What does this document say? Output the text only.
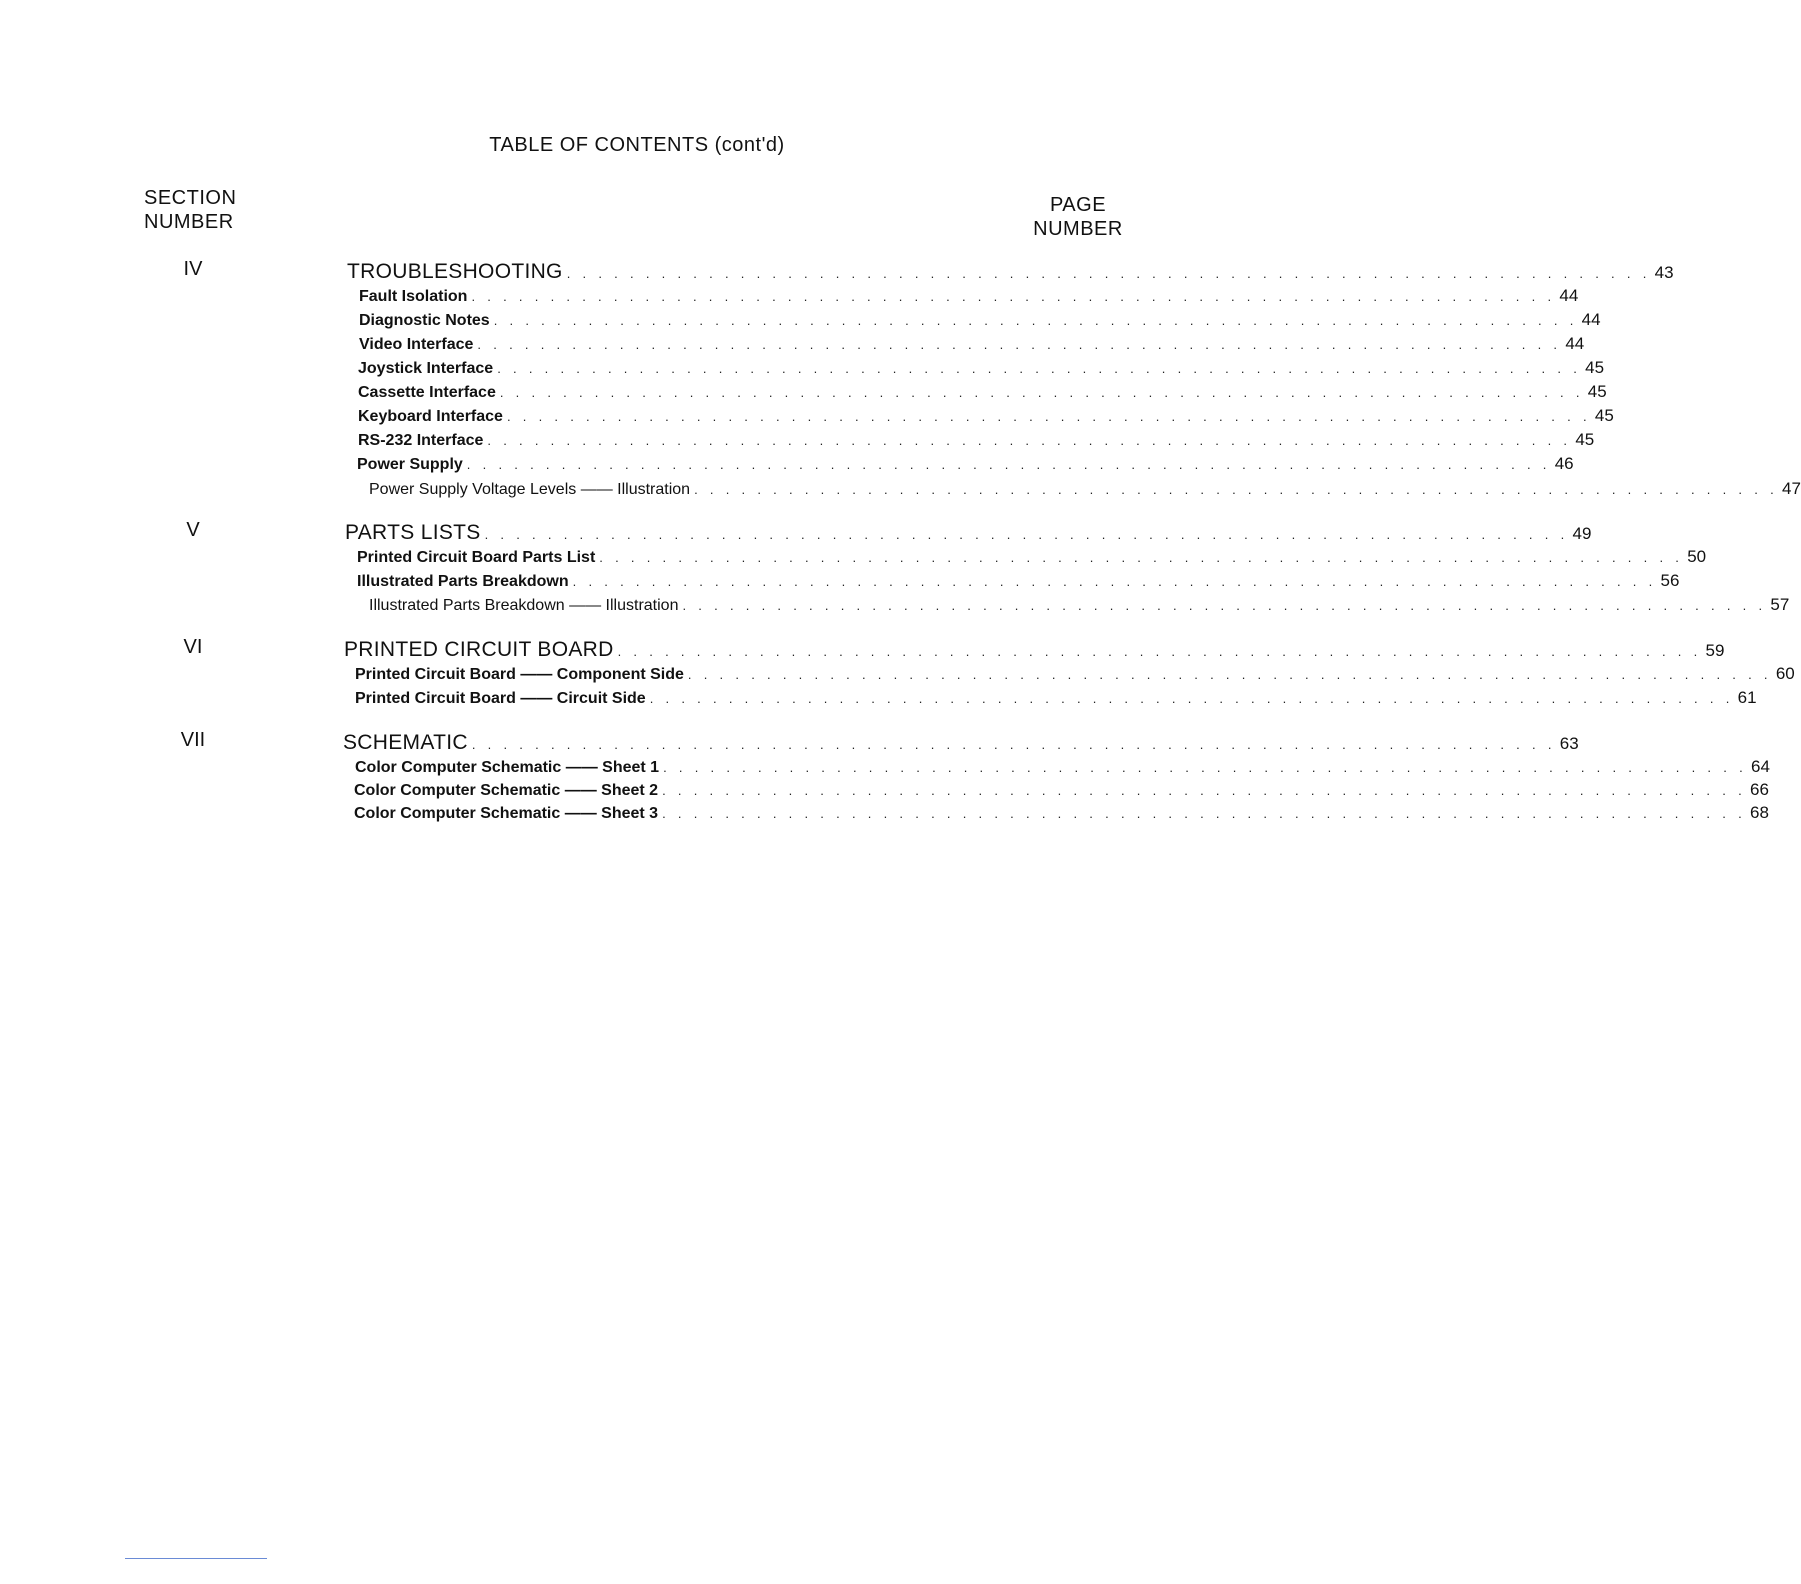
TABLE OF CONTENTS (cont'd)
SECTION
NUMBER
PAGE
NUMBER
IV	TROUBLESHOOTING . . . . . . . . . . . . . . . . . . . . . . . . . . . . . . . . . . . . . . . . . . . . . . . . . . . . . . . . . . . . . . . . . . . . . 43
Fault Isolation . . . . . . . . . . . . . . . . . . . . . . . . . . . . . . . . . . . . . . . . . . . . . . . . . . . . . . . . . . . . . . . . . . . . . 44
Diagnostic Notes . . . . . . . . . . . . . . . . . . . . . . . . . . . . . . . . . . . . . . . . . . . . . . . . . . . . . . . . . . . . . . . . . . . . . 44
Video Interface . . . . . . . . . . . . . . . . . . . . . . . . . . . . . . . . . . . . . . . . . . . . . . . . . . . . . . . . . . . . . . . . . . . . . 44
Joystick Interface . . . . . . . . . . . . . . . . . . . . . . . . . . . . . . . . . . . . . . . . . . . . . . . . . . . . . . . . . . . . . . . . . . . . . 45
Cassette Interface . . . . . . . . . . . . . . . . . . . . . . . . . . . . . . . . . . . . . . . . . . . . . . . . . . . . . . . . . . . . . . . . . . . . . 45
Keyboard Interface . . . . . . . . . . . . . . . . . . . . . . . . . . . . . . . . . . . . . . . . . . . . . . . . . . . . . . . . . . . . . . . . . . . . . 45
RS-232 Interface . . . . . . . . . . . . . . . . . . . . . . . . . . . . . . . . . . . . . . . . . . . . . . . . . . . . . . . . . . . . . . . . . . . . . 45
Power Supply . . . . . . . . . . . . . . . . . . . . . . . . . . . . . . . . . . . . . . . . . . . . . . . . . . . . . . . . . . . . . . . . . . . . . 46
Power Supply Voltage Levels —— Illustration . . . . . . . . . . . . . . . . . . . . . . . . . . . . . . . . . . . . . . . . . . . . . . . . . . . . . . . . . . . . . . . . . . . . . 47
V	PARTS LISTS . . . . . . . . . . . . . . . . . . . . . . . . . . . . . . . . . . . . . . . . . . . . . . . . . . . . . . . . . . . . . . . . . . . . . 49
Printed Circuit Board Parts List . . . . . . . . . . . . . . . . . . . . . . . . . . . . . . . . . . . . . . . . . . . . . . . . . . . . . . . . . . . . . . . . . . . . . 50
Illustrated Parts Breakdown . . . . . . . . . . . . . . . . . . . . . . . . . . . . . . . . . . . . . . . . . . . . . . . . . . . . . . . . . . . . . . . . . . . . . 56
Illustrated Parts Breakdown —— Illustration . . . . . . . . . . . . . . . . . . . . . . . . . . . . . . . . . . . . . . . . . . . . . . . . . . . . . . . . . . . . . . . . . . . . . 57
VI	PRINTED CIRCUIT BOARD . . . . . . . . . . . . . . . . . . . . . . . . . . . . . . . . . . . . . . . . . . . . . . . . . . . . . . . . . . . . . . . . . . . . . 59
Printed Circuit Board —— Component Side . . . . . . . . . . . . . . . . . . . . . . . . . . . . . . . . . . . . . . . . . . . . . . . . . . . . . . . . . . . . . . . . . . . . . 60
Printed Circuit Board —— Circuit Side . . . . . . . . . . . . . . . . . . . . . . . . . . . . . . . . . . . . . . . . . . . . . . . . . . . . . . . . . . . . . . . . . . . . . 61
VII	SCHEMATIC . . . . . . . . . . . . . . . . . . . . . . . . . . . . . . . . . . . . . . . . . . . . . . . . . . . . . . . . . . . . . . . . . . . . . 63
Color Computer Schematic —— Sheet 1 . . . . . . . . . . . . . . . . . . . . . . . . . . . . . . . . . . . . . . . . . . . . . . . . . . . . . . . . . . . . . . . . . . . . . 64
Color Computer Schematic —— Sheet 2 . . . . . . . . . . . . . . . . . . . . . . . . . . . . . . . . . . . . . . . . . . . . . . . . . . . . . . . . . . . . . . . . . . . . . 66
Color Computer Schematic —— Sheet 3 . . . . . . . . . . . . . . . . . . . . . . . . . . . . . . . . . . . . . . . . . . . . . . . . . . . . . . . . . . . . . . . . . . . . . 68
